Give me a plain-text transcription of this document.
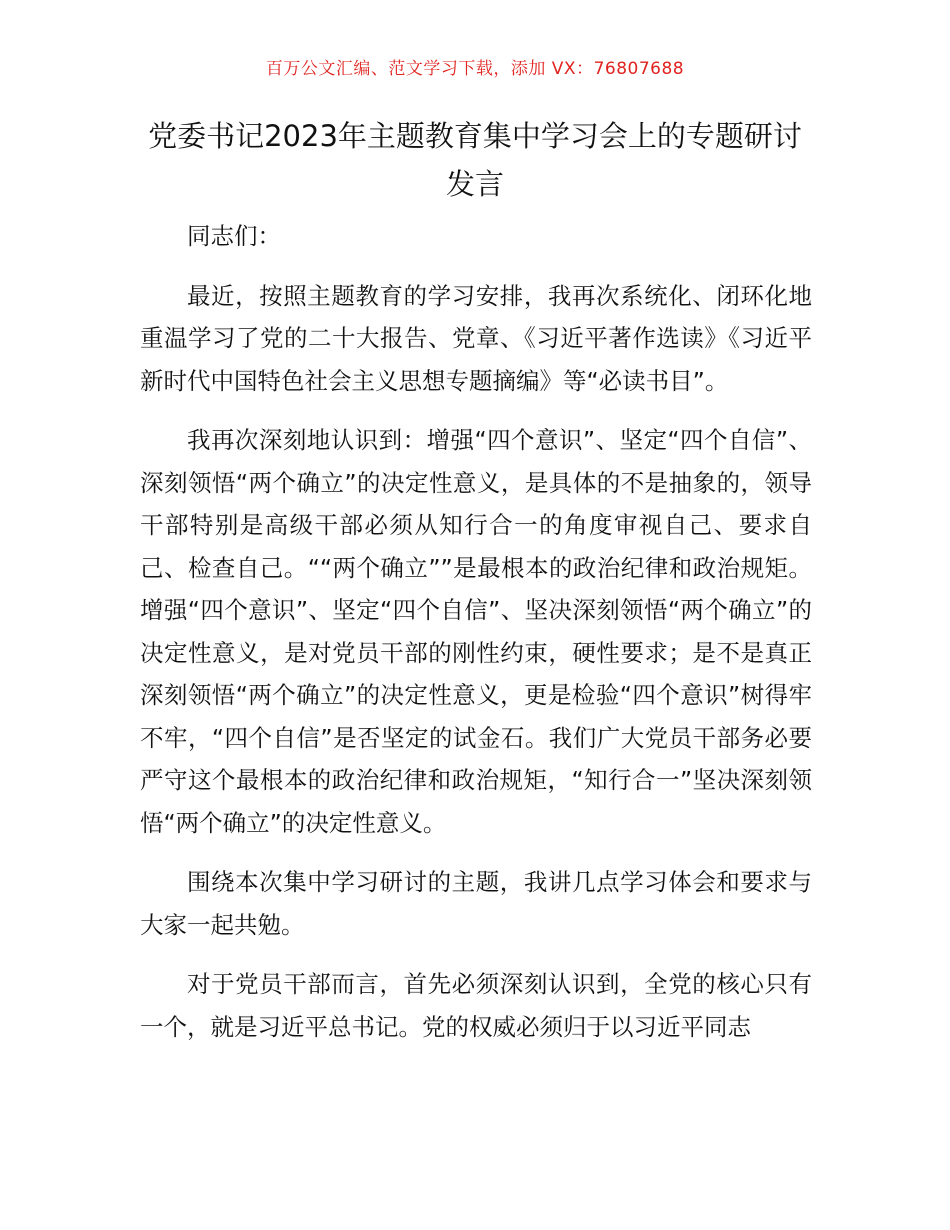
百万公文汇编、范文学习下载，添加 VX：76807688
党委书记2023年主题教育集中学习会上的专题研讨发言

同志们：

最近，按照主题教育的学习安排，我再次系统化、闭环化地重温学习了党的二十大报告、党章、《习近平著作选读》《习近平新时代中国特色社会主义思想专题摘编》等“必读书目”。

我再次深刻地认识到：增强“四个意识”、坚定“四个自信”、深刻领悟“两个确立”的决定性意义，是具体的不是抽象的，领导干部特别是高级干部必须从知行合一的角度审视自己、要求自己、检查自己。““两个确立””是最根本的政治纪律和政治规矩。增强“四个意识”、坚定“四个自信”、坚决深刻领悟“两个确立”的决定性意义，是对党员干部的刚性约束，硬性要求；是不是真正深刻领悟“两个确立”的决定性意义，更是检验“四个意识”树得牢不牢，“四个自信”是否坚定的试金石。我们广大党员干部务必要严守这个最根本的政治纪律和政治规矩，“知行合一”坚决深刻领悟“两个确立”的决定性意义。

围绕本次集中学习研讨的主题，我讲几点学习体会和要求与大家一起共勉。

对于党员干部而言，首先必须深刻认识到，全党的核心只有一个，就是习近平总书记。党的权威必须归于以习近平同志
